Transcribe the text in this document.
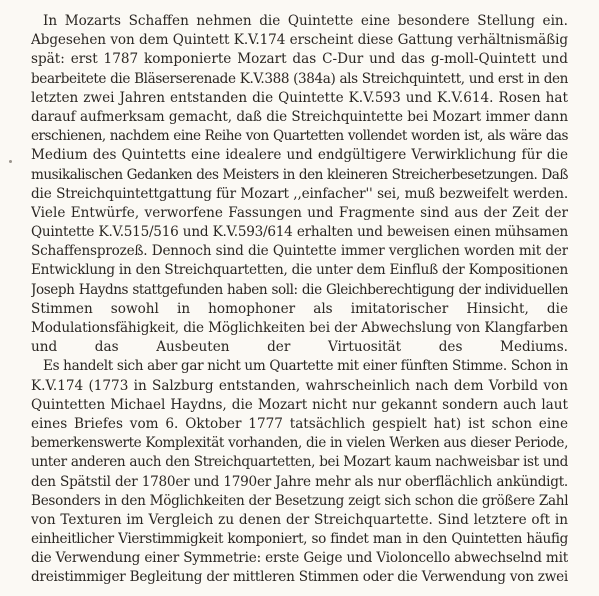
In Mozarts Schaffen nehmen die Quintette eine besondere Stellung ein.
Abgesehen von dem Quintett K.V.174 erscheint diese Gattung verhältnismäßig
spät: erst 1787 komponierte Mozart das C-Dur und das g-moll-Quintett und
bearbeitete die Bläserserenade K.V.388 (384a) als Streichquintett, und erst in den
letzten zwei Jahren entstanden die Quintette K.V.593 und K.V.614. Rosen hat
darauf aufmerksam gemacht, daß die Streichquintette bei Mozart immer dann
erschienen, nachdem eine Reihe von Quartetten vollendet worden ist, als wäre das
Medium des Quintetts eine idealere und endgültigere Verwirklichung für die
musikalischen Gedanken des Meisters in den kleineren Streicherbesetzungen. Daß
die Streichquintettgattung für Mozart ,,einfacher'' sei, muß bezweifelt werden.
Viele Entwürfe, verworfene Fassungen und Fragmente sind aus der Zeit der
Quintette K.V.515/516 und K.V.593/614 erhalten und beweisen einen mühsamen
Schaffensprozeß. Dennoch sind die Quintette immer verglichen worden mit der
Entwicklung in den Streichquartetten, die unter dem Einfluß der Kompositionen
Joseph Haydns stattgefunden haben soll: die Gleichberechtigung der individuellen
Stimmen sowohl in homophoner als imitatorischer Hinsicht, die
Modulationsfähigkeit, die Möglichkeiten bei der Abwechslung von Klangfarben
und das Ausbeuten der Virtuosität des Mediums.
Es handelt sich aber gar nicht um Quartette mit einer fünften Stimme. Schon in
K.V.174 (1773 in Salzburg entstanden, wahrscheinlich nach dem Vorbild von
Quintetten Michael Haydns, die Mozart nicht nur gekannt sondern auch laut
eines Briefes vom 6. Oktober 1777 tatsächlich gespielt hat) ist schon eine
bemerkenswerte Komplexität vorhanden, die in vielen Werken aus dieser Periode,
unter anderen auch den Streichquartetten, bei Mozart kaum nachweisbar ist und
den Spätstil der 1780er und 1790er Jahre mehr als nur oberflächlich ankündigt.
Besonders in den Möglichkeiten der Besetzung zeigt sich schon die größere Zahl
von Texturen im Vergleich zu denen der Streichquartette. Sind letztere oft in
einheitlicher Vierstimmigkeit komponiert, so findet man in den Quintetten häufig
die Verwendung einer Symmetrie: erste Geige und Violoncello abwechselnd mit
dreistimmiger Begleitung der mittleren Stimmen oder die Verwendung von zwei
